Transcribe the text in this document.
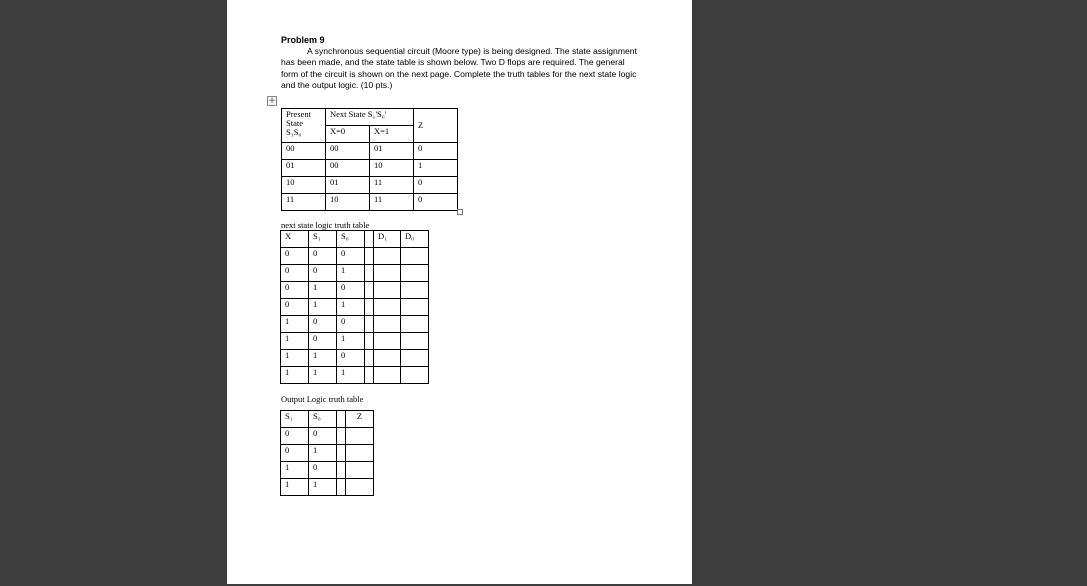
Problem 9
A synchronous sequential circuit (Moore type) is being designed. The state assignment has been made, and the state table is shown below. Two D flops are required. The general form of the circuit is shown on the next page. Complete the truth tables for the next state logic and the output logic. (10 pts.)
+
Present State
S₁S₀	Next State S₁'S₀'		Z
	X=0	X=1	
00	00	01	0
01	00	10	1
10	01	11	0
11	10	11	0
next state logic truth table
X	S₁	S₀		D₁	D₀
0	0	0			
0	0	1			
0	1	0			
0	1	1			
1	0	0			
1	0	1			
1	1	0			
1	1	1			
Output Logic truth table
S₁	S₀		Z
0	0		
0	1		
1	0		
1	1		
